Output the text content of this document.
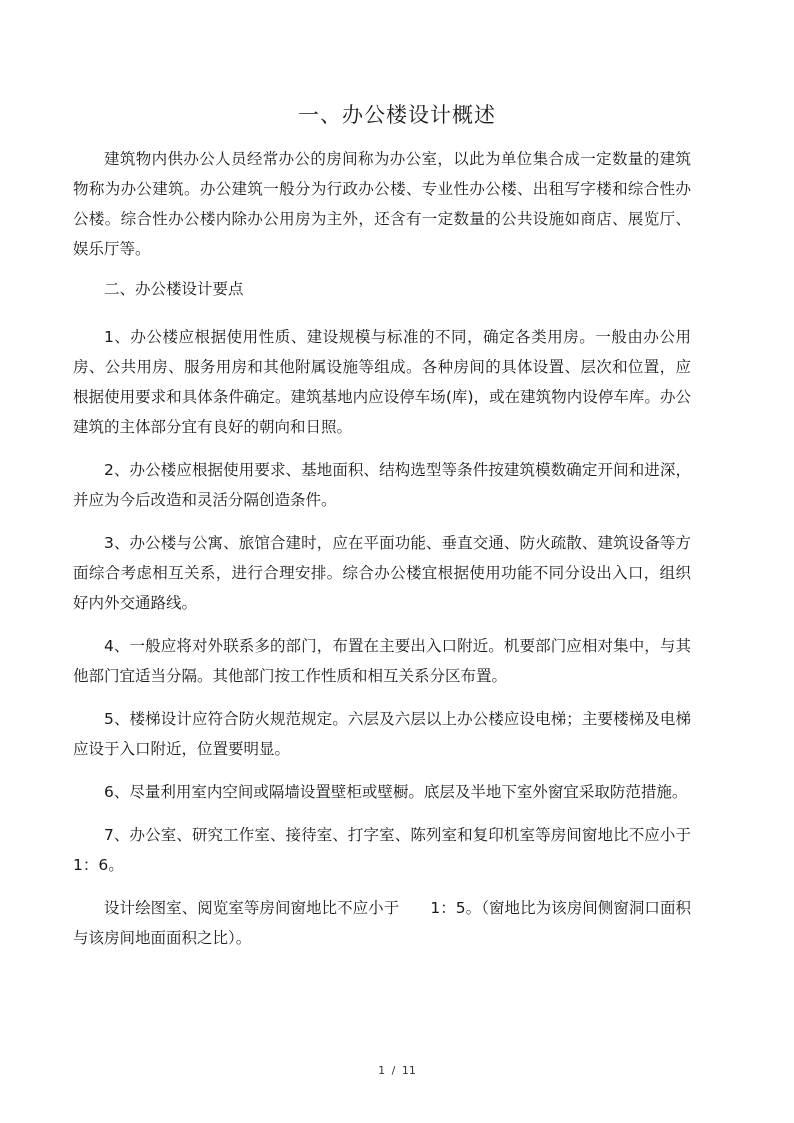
一、办公楼设计概述

建筑物内供办公人员经常办公的房间称为办公室，以此为单位集合成一定数量的建筑物称为办公建筑。办公建筑一般分为行政办公楼、专业性办公楼、出租写字楼和综合性办公楼。综合性办公楼内除办公用房为主外，还含有一定数量的公共设施如商店、展览厅、娱乐厅等。

二、办公楼设计要点

1、办公楼应根据使用性质、建设规模与标准的不同，确定各类用房。一般由办公用房、公共用房、服务用房和其他附属设施等组成。各种房间的具体设置、层次和位置，应根据使用要求和具体条件确定。建筑基地内应设停车场(库)，或在建筑物内设停车库。办公建筑的主体部分宜有良好的朝向和日照。

2、办公楼应根据使用要求、基地面积、结构选型等条件按建筑模数确定开间和进深，并应为今后改造和灵活分隔创造条件。

3、办公楼与公寓、旅馆合建时，应在平面功能、垂直交通、防火疏散、建筑设备等方面综合考虑相互关系，进行合理安排。综合办公楼宜根据使用功能不同分设出入口，组织好内外交通路线。

4、一般应将对外联系多的部门，布置在主要出入口附近。机要部门应相对集中，与其他部门宜适当分隔。其他部门按工作性质和相互关系分区布置。

5、楼梯设计应符合防火规范规定。六层及六层以上办公楼应设电梯；主要楼梯及电梯应设于入口附近，位置要明显。

6、尽量利用室内空间或隔墙设置壁柜或壁橱。底层及半地下室外窗宜采取防范措施。

7、办公室、研究工作室、接待室、打字室、陈列室和复印机室等房间窗地比不应小于　1：6。

设计绘图室、阅览室等房间窗地比不应小于　　1：5。（窗地比为该房间侧窗洞口面积与该房间地面面积之比）。

1 / 11
